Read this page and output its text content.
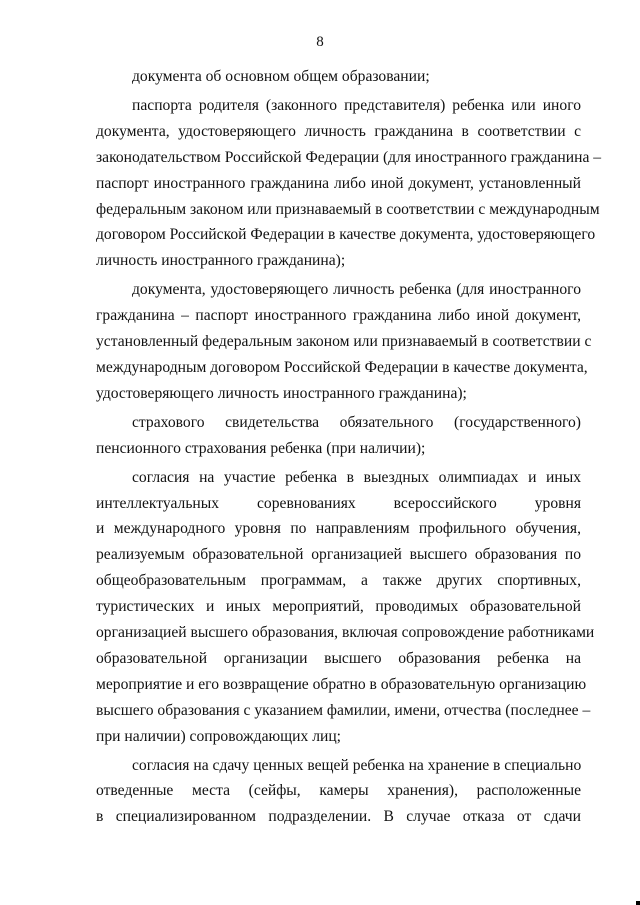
8

документа об основном общем образовании;

паспорта родителя (законного представителя) ребенка или иного
документа, удостоверяющего личность гражданина в соответствии с
законодательством Российской Федерации (для иностранного гражданина –
паспорт иностранного гражданина либо иной документ, установленный
федеральным законом или признаваемый в соответствии с международным
договором Российской Федерации в качестве документа, удостоверяющего
личность иностранного гражданина);

документа, удостоверяющего личность ребенка (для иностранного
гражданина – паспорт иностранного гражданина либо иной документ,
установленный федеральным законом или признаваемый в соответствии с
международным договором Российской Федерации в качестве документа,
удостоверяющего личность иностранного гражданина);

страхового свидетельства обязательного (государственного)
пенсионного страхования ребенка (при наличии);

согласия на участие ребенка в выездных олимпиадах и иных
интеллектуальных соревнованиях всероссийского уровня
и международного уровня по направлениям профильного обучения,
реализуемым образовательной организацией высшего образования по
общеобразовательным программам, а также других спортивных,
туристических и иных мероприятий, проводимых образовательной
организацией высшего образования, включая сопровождение работниками
образовательной организации высшего образования ребенка на
мероприятие и его возвращение обратно в образовательную организацию
высшего образования с указанием фамилии, имени, отчества (последнее –
при наличии) сопровождающих лиц;

согласия на сдачу ценных вещей ребенка на хранение в специально
отведенные места (сейфы, камеры хранения), расположенные
в специализированном подразделении. В случае отказа от сдачи
